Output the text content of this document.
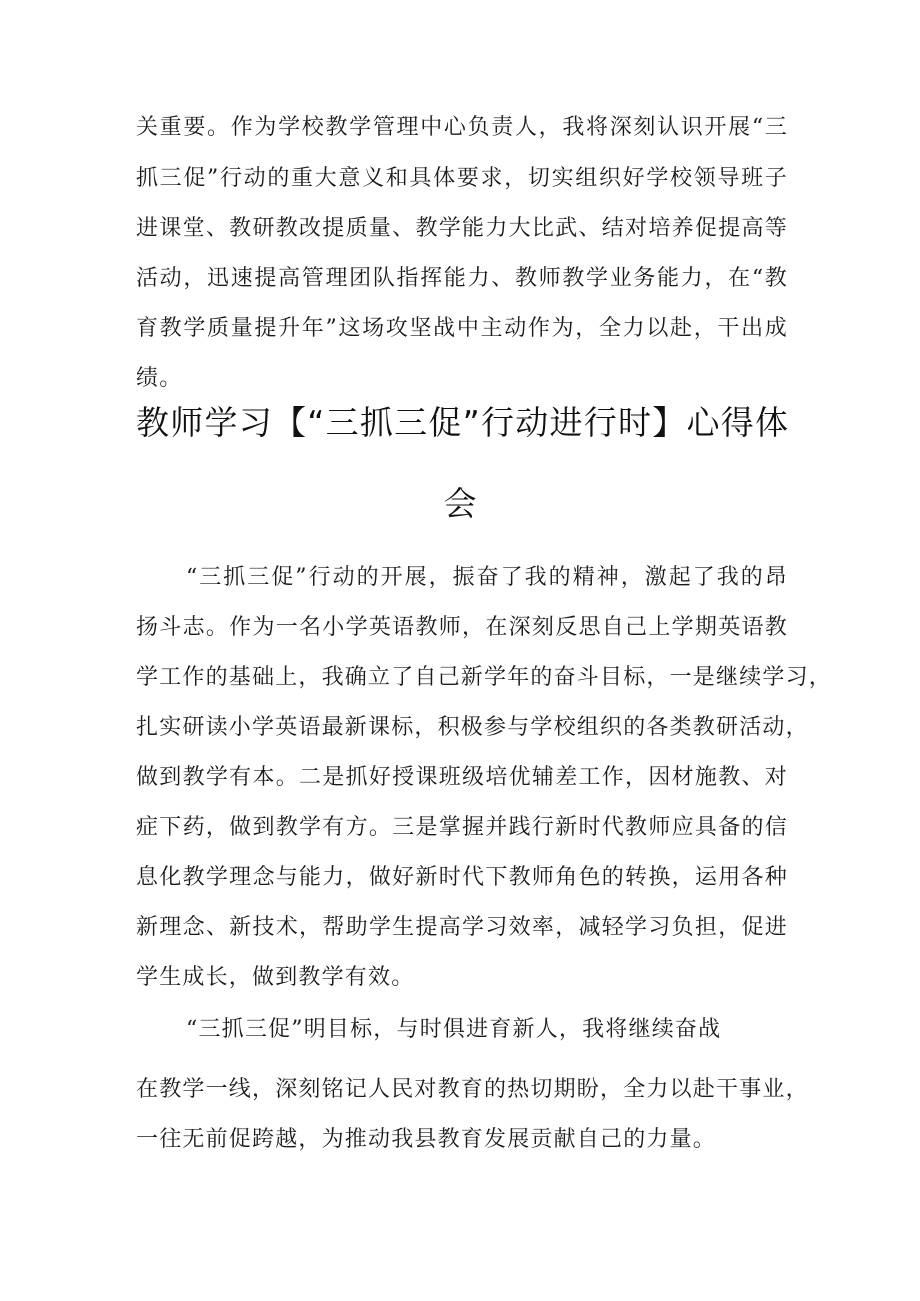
关重要。作为学校教学管理中心负责人，我将深刻认识开展“三
抓三促”行动的重大意义和具体要求，切实组织好学校领导班子
进课堂、教研教改提质量、教学能力大比武、结对培养促提高等
活动，迅速提高管理团队指挥能力、教师教学业务能力，在“教
育教学质量提升年”这场攻坚战中主动作为，全力以赴，干出成
绩。
教师学习【“三抓三促”行动进行时】心得体
会
“三抓三促”行动的开展，振奋了我的精神，激起了我的昂
扬斗志。作为一名小学英语教师，在深刻反思自己上学期英语教
学工作的基础上，我确立了自己新学年的奋斗目标，一是继续学习，
扎实研读小学英语最新课标，积极参与学校组织的各类教研活动，
做到教学有本。二是抓好授课班级培优辅差工作，因材施教、对
症下药，做到教学有方。三是掌握并践行新时代教师应具备的信
息化教学理念与能力，做好新时代下教师角色的转换，运用各种
新理念、新技术，帮助学生提高学习效率，减轻学习负担，促进
学生成长，做到教学有效。
“三抓三促”明目标，与时俱进育新人，我将继续奋战
在教学一线，深刻铭记人民对教育的热切期盼，全力以赴干事业，
一往无前促跨越，为推动我县教育发展贡献自己的力量。
